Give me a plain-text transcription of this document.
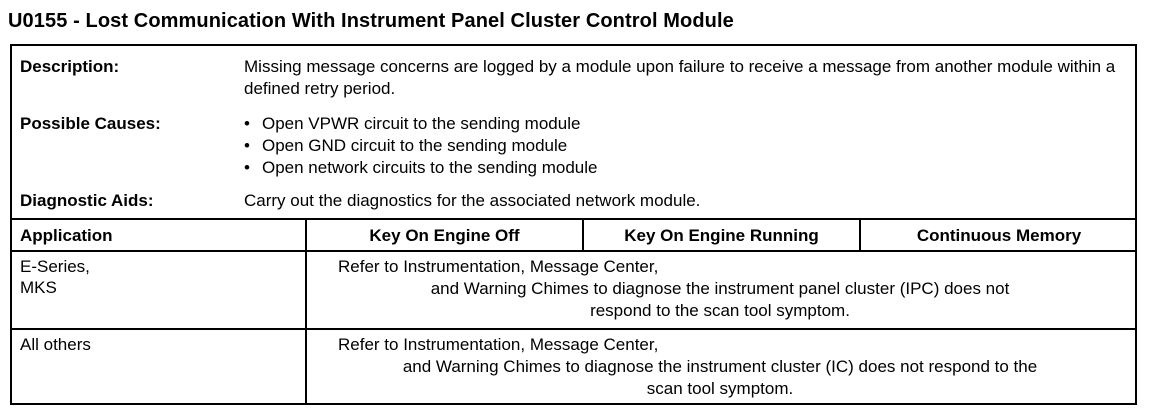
U0155 - Lost Communication With Instrument Panel Cluster Control Module
Description:	Missing message concerns are logged by a module upon failure to receive a message from another module within a defined retry period.
Possible Causes:
•	Open VPWR circuit to the sending module
• Open GND circuit to the sending module
• Open network circuits to the sending module
Diagnostic Aids:	Carry out the diagnostics for the associated network module.
Application	Key On Engine Off	Key On Engine Running	Continuous Memory
E-Series,
MKS
Refer to Instrumentation, Message Center,
and Warning Chimes to diagnose the instrument panel cluster (IPC) does not
respond to the scan tool symptom.
All others	Refer to Instrumentation, Message Center,
and Warning Chimes to diagnose the instrument cluster (IC) does not respond to the
scan tool symptom.
